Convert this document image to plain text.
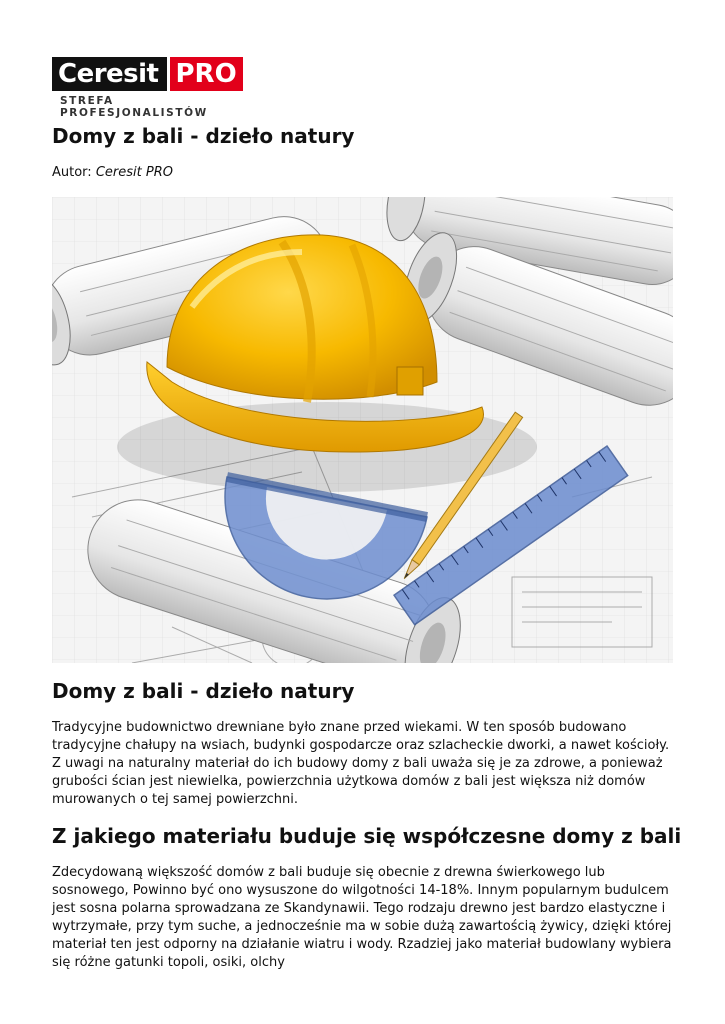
Ceresit PRO
STREFA PROFESJONALISTÓW
Domy z bali - dzieło natury
Autor: Ceresit PRO
Domy z bali - dzieło natury

Tradycyjne budownictwo drewniane było znane przed wiekami. W ten sposób budowano tradycyjne chałupy na wsiach, budynki gospodarcze oraz szlacheckie dworki, a nawet kościoły. Z uwagi na naturalny materiał do ich budowy domy z bali uważa się je za zdrowe, a ponieważ grubości ścian jest niewielka, powierzchnia użytkowa domów z bali jest większa niż domów murowanych o tej samej powierzchni.

Z jakiego materiału buduje się współczesne domy z bali

Zdecydowaną większość domów z bali buduje się obecnie z drewna świerkowego lub sosnowego, Powinno być ono wysuszone do wilgotności 14-18%. Innym popularnym budulcem jest sosna polarna sprowadzana ze Skandynawii. Tego rodzaju drewno jest bardzo elastyczne i wytrzymałe, przy tym suche, a jednocześnie ma w sobie dużą zawartością żywicy, dzięki której materiał ten jest odporny na działanie wiatru i wody. Rzadziej jako materiał budowlany wybiera się różne gatunki topoli, osiki, olchy
